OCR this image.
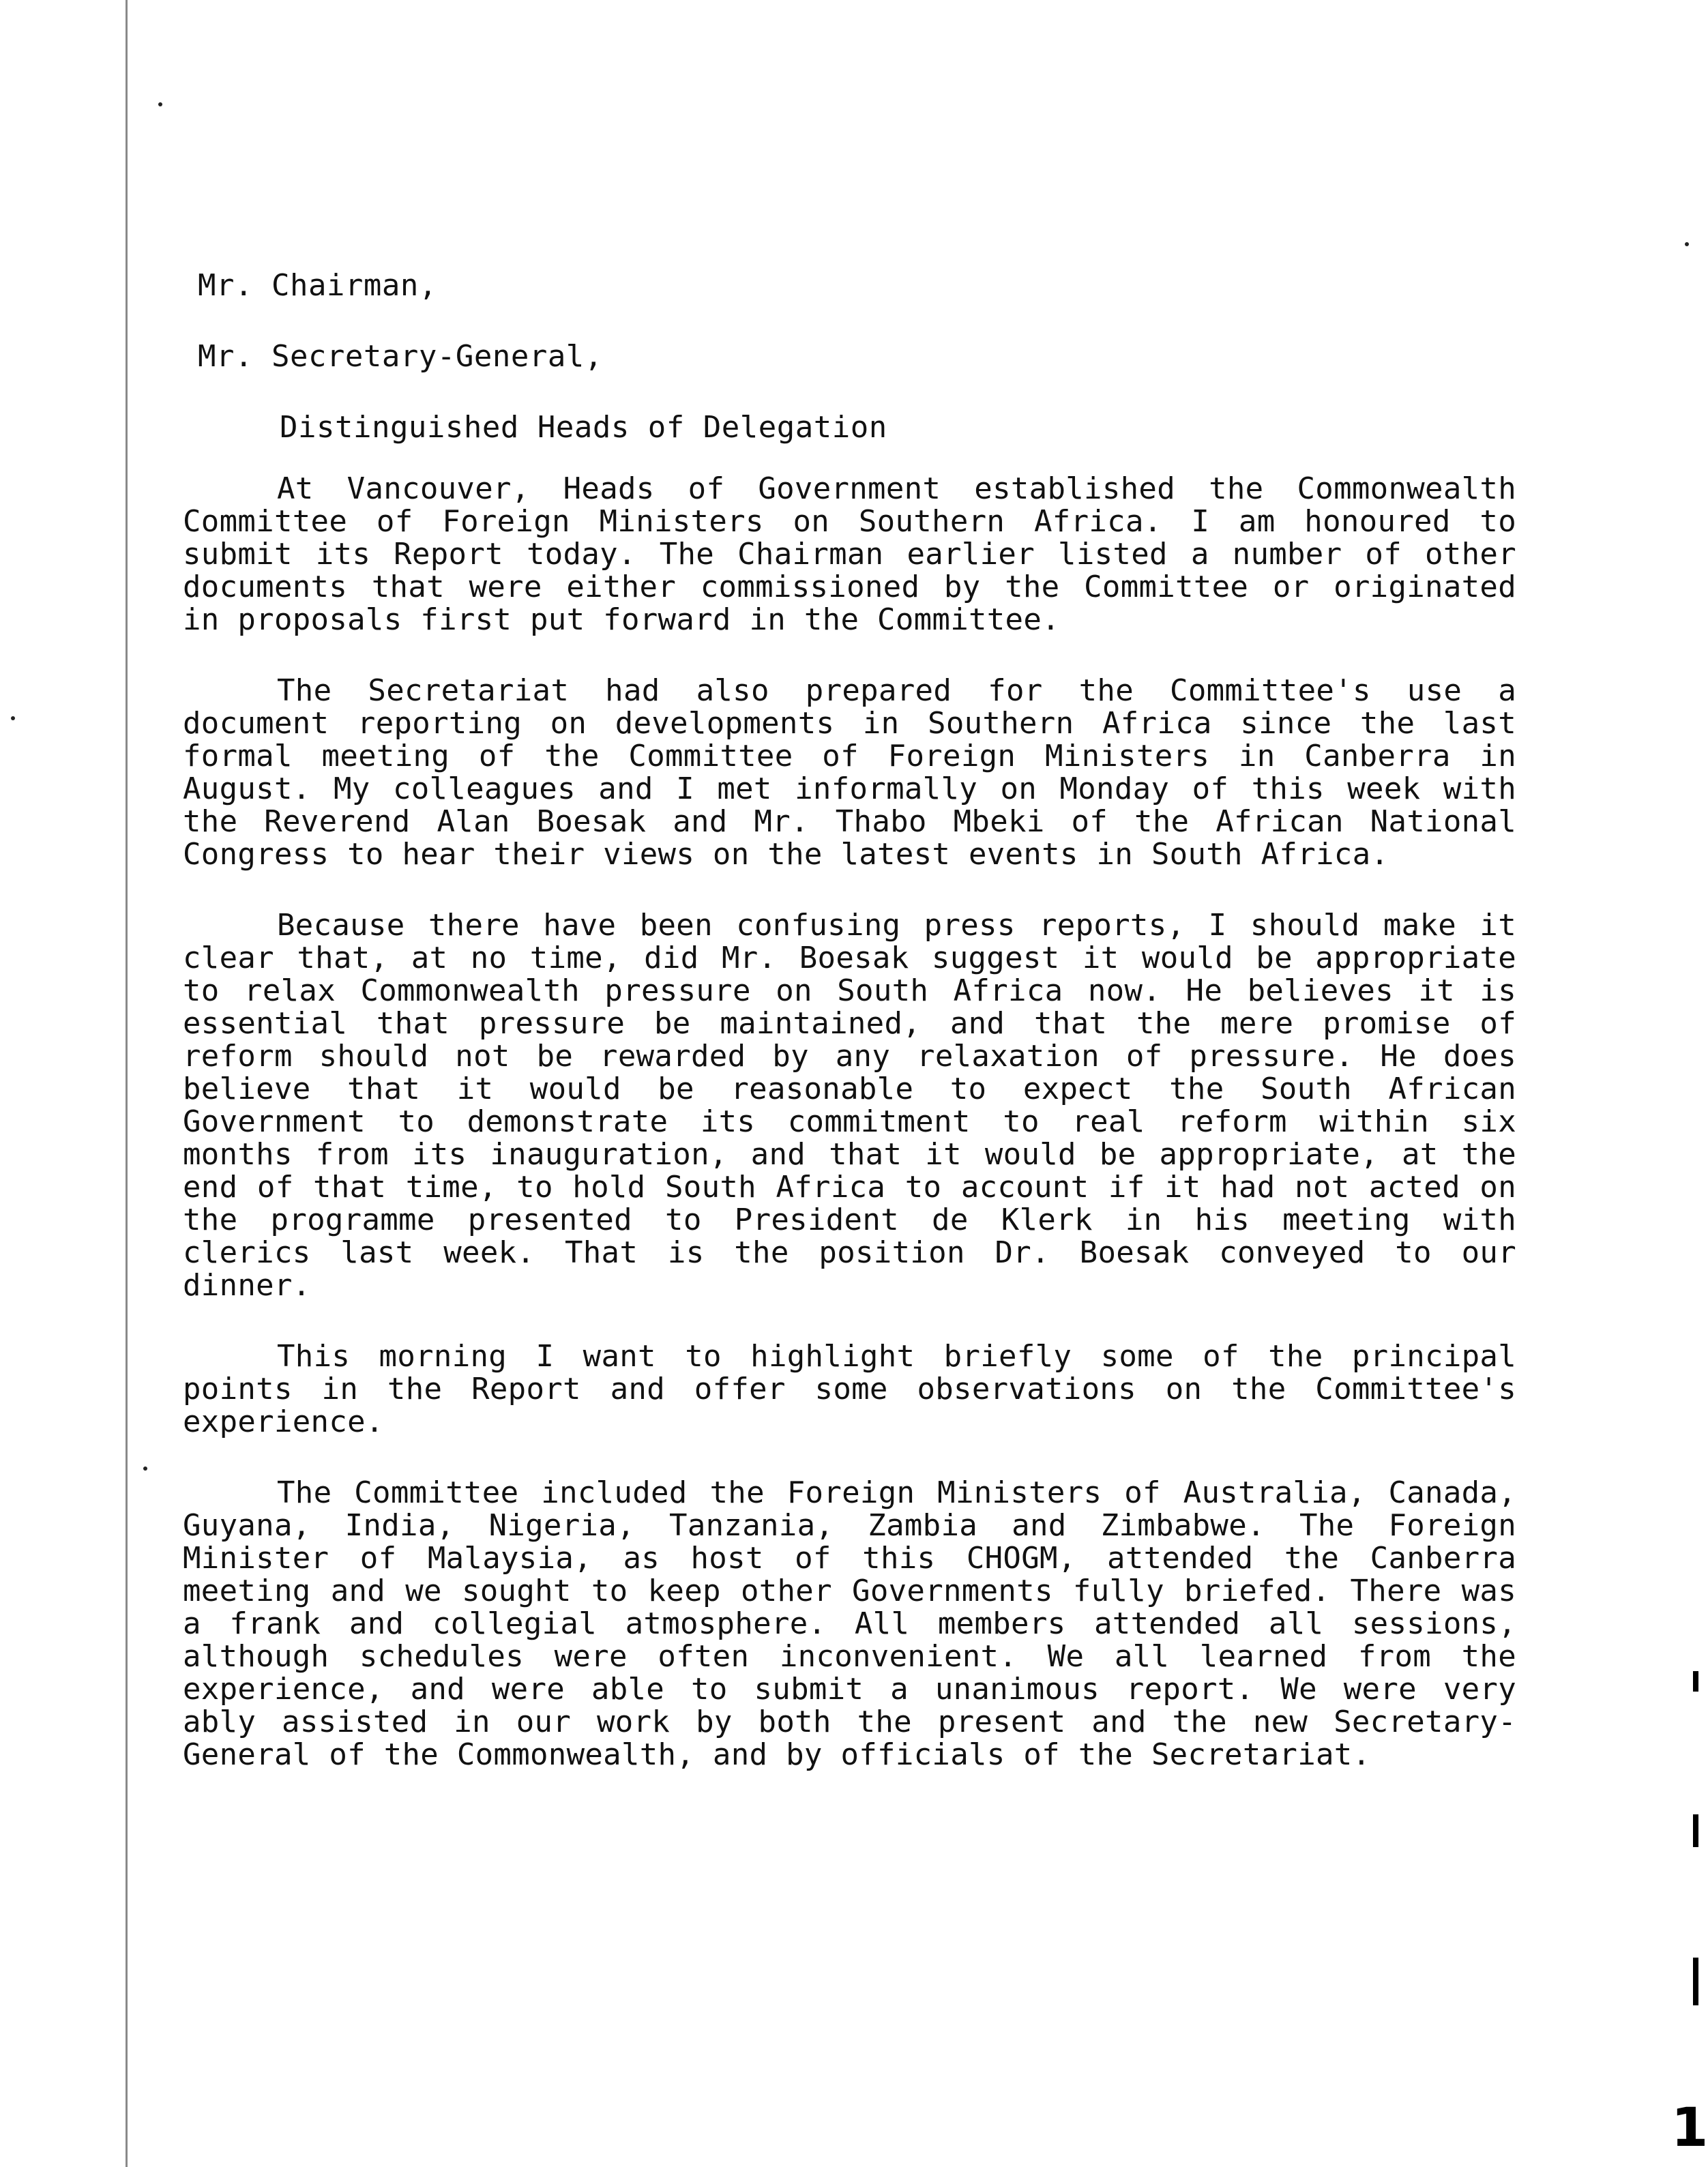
Mr. Chairman,
Mr. Secretary-General,
Distinguished Heads of Delegation

At Vancouver, Heads of Government established the Commonwealth Committee of Foreign Ministers on Southern Africa. I am honoured to submit its Report today. The Chairman earlier listed a number of other documents that were either commissioned by the Committee or originated in proposals first put forward in the Committee.

The Secretariat had also prepared for the Committee's use a document reporting on developments in Southern Africa since the last formal meeting of the Committee of Foreign Ministers in Canberra in August. My colleagues and I met informally on Monday of this week with the Reverend Alan Boesak and Mr. Thabo Mbeki of the African National Congress to hear their views on the latest events in South Africa.

Because there have been confusing press reports, I should make it clear that, at no time, did Mr. Boesak suggest it would be appropriate to relax Commonwealth pressure on South Africa now. He believes it is essential that pressure be maintained, and that the mere promise of reform should not be rewarded by any relaxation of pressure. He does believe that it would be reasonable to expect the South African Government to demonstrate its commitment to real reform within six months from its inauguration, and that it would be appropriate, at the end of that time, to hold South Africa to account if it had not acted on the programme presented to President de Klerk in his meeting with clerics last week. That is the position Dr. Boesak conveyed to our dinner.

This morning I want to highlight briefly some of the principal points in the Report and offer some observations on the Committee's experience.

The Committee included the Foreign Ministers of Australia, Canada, Guyana, India, Nigeria, Tanzania, Zambia and Zimbabwe. The Foreign Minister of Malaysia, as host of this CHOGM, attended the Canberra meeting and we sought to keep other Governments fully briefed. There was a frank and collegial atmosphere. All members attended all sessions, although schedules were often inconvenient. We all learned from the experience, and were able to submit a unanimous report. We were very ably assisted in our work by both the present and the new Secretary-General of the Commonwealth, and by officials of the Secretariat.

1
